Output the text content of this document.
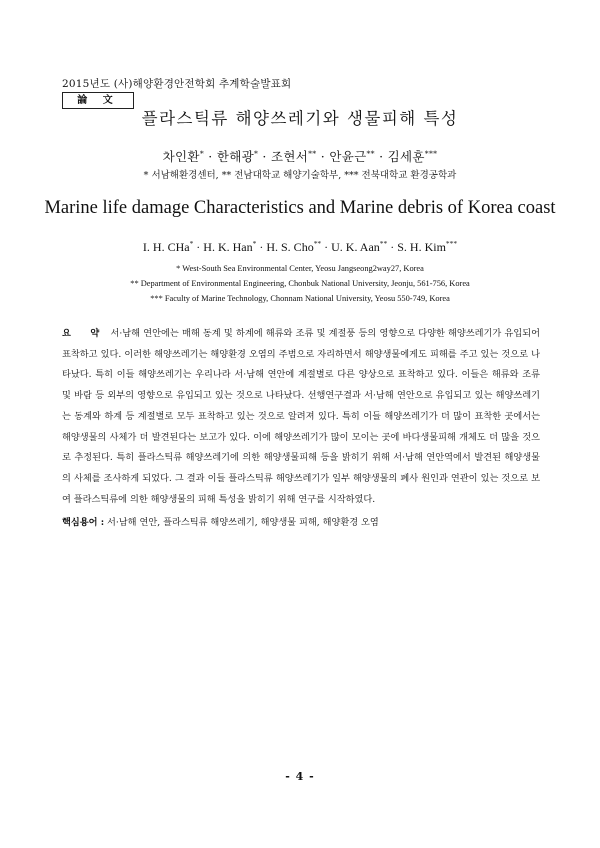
2015년도 (사)해양환경안전학회 추계학술발표회
論 文
플라스틱류 해양쓰레기와 생물피해 특성
차인환* · 한해광* · 조현서** · 안윤근** · 김세훈***
* 서남해환경센터, ** 전남대학교 해양기술학부, *** 전북대학교 환경공학과
Marine life damage Characteristics and Marine debris of Korea coast
I. H. CHa* · H. K. Han* · H. S. Cho** · U. K. Aan** · S. H. Kim***
* West-South Sea Environmental Center, Yeosu Jangseong2way27, Korea
** Department of Environmental Engineering, Chonbuk National University, Jeonju, 561-756, Korea
*** Faculty of Marine Technology, Chonnam National University, Yeosu 550-749, Korea
요 약 서·남해 연안에는 매해 동계 및 하계에 해류와 조류 및 계절풍 등의 영향으로 다양한 해양쓰레기가 유입되어 표착하고 있다. 이러한 해양쓰레기는 해양환경 오염의 주범으로 자리하면서 해양생물에게도 피해를 주고 있는 것으로 나타났다. 특히 이들 해양쓰레기는 우리나라 서·남해 연안에 계절별로 다른 양상으로 표착하고 있다. 이들은 해류와 조류 및 바람 등 외부의 영향으로 유입되고 있는 것으로 나타났다. 선행연구결과 서·남해 연안으로 유입되고 있는 해양쓰레기는 동계와 하계 등 계절별로 모두 표착하고 있는 것으로 알려져 있다. 특히 이들 해양쓰레기가 더 많이 표착한 곳에서는 해양생물의 사체가 더 발견된다는 보고가 있다. 이에 해양쓰레기가 많이 모이는 곳에 바다생물피해 개체도 더 많을 것으로 추정된다. 특히 플라스틱류 해양쓰레기에 의한 해양생물피해 등을 밝히기 위해 서·남해 연안역에서 발견된 해양생물의 사체를 조사하게 되었다. 그 결과 이들 플라스틱류 해양쓰레기가 일부 해양생물의 폐사 원인과 연관이 있는 것으로 보여 플라스틱류에 의한 해양생물의 피해 특성을 밝히기 위해 연구를 시작하였다.
핵심용어 : 서·남해 연안, 플라스틱류 해양쓰레기, 해양생물 피해, 해양환경 오염
- 4 -
